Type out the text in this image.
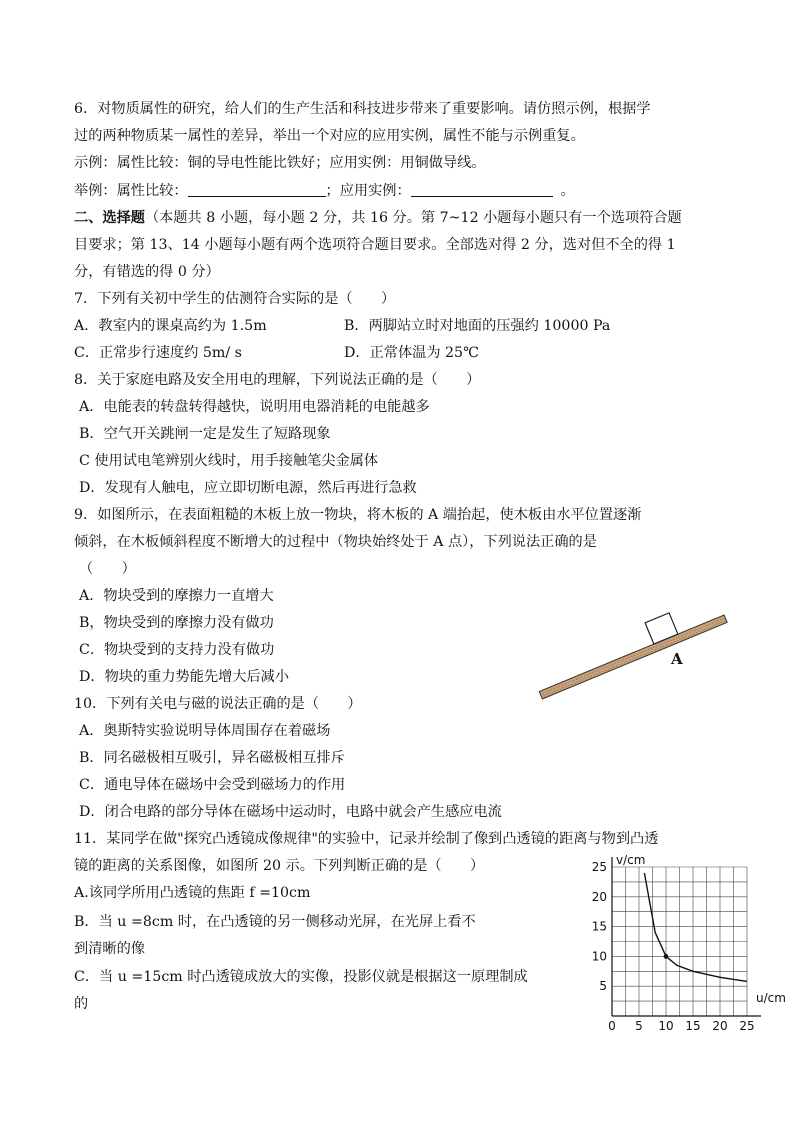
6．对物质属性的研究，给人们的生产生活和科技进步带来了重要影响。请仿照示例，根据学
过的两种物质某一属性的差异，举出一个对应的应用实例，属性不能与示例重复。
示例：属性比较：铜的导电性能比铁好；应用实例：用铜做导线。
举例：属性比较：	；应用实例：	。
二、选择题（本题共 8 小题，每小题 2 分，共 16 分。第 7~12 小题每小题只有一个选项符合题
目要求；第 13、14 小题每小题有两个选项符合题目要求。全部选对得 2 分，选对但不全的得 1
分，有错选的得 0 分）
7．下列有关初中学生的估测符合实际的是（　　）
A．教室内的课桌高约为 1.5m	B．两脚站立时对地面的压强约 10000 Pa
C．正常步行速度约 5m/ s	D．正常体温为 25℃
8．关于家庭电路及安全用电的理解，下列说法正确的是（　　）
A．电能表的转盘转得越快，说明用电器消耗的电能越多
B．空气开关跳闸一定是发生了短路现象
C 使用试电笔辨别火线时，用手接触笔尖金属体
D．发现有人触电，应立即切断电源，然后再进行急救
9．如图所示，在表面粗糙的木板上放一物块，将木板的 A 端抬起，使木板由水平位置逐渐
倾斜，在木板倾斜程度不断增大的过程中（物块始终处于 A 点），下列说法正确的是
（　　）
A．物块受到的摩擦力一直增大
B，物块受到的摩擦力没有做功
C．物块受到的支持力没有做功
D．物块的重力势能先增大后减小
A
10．下列有关电与磁的说法正确的是（　　）
A．奥斯特实验说明导体周围存在着磁场
B．同名磁极相互吸引，异名磁极相互排斥
C．通电导体在磁场中会受到磁场力的作用
D．闭合电路的部分导体在磁场中运动时，电路中就会产生感应电流
11．某同学在做"探究凸透镜成像规律"的实验中，记录并绘制了像到凸透镜的距离与物到凸透
镜的距离的关系图像，如图所 20 示。下列判断正确的是（　　）
A.该同学所用凸透镜的焦距 f =10cm
B．当 u =8cm 时，在凸透镜的另一侧移动光屏，在光屏上看不
到清晰的像
C．当 u =15cm 时凸透镜成放大的实像，投影仪就是根据这一原理制成
的
0 5 10 15 20 25
5
10
15
20
25 v/cm
u/cm
